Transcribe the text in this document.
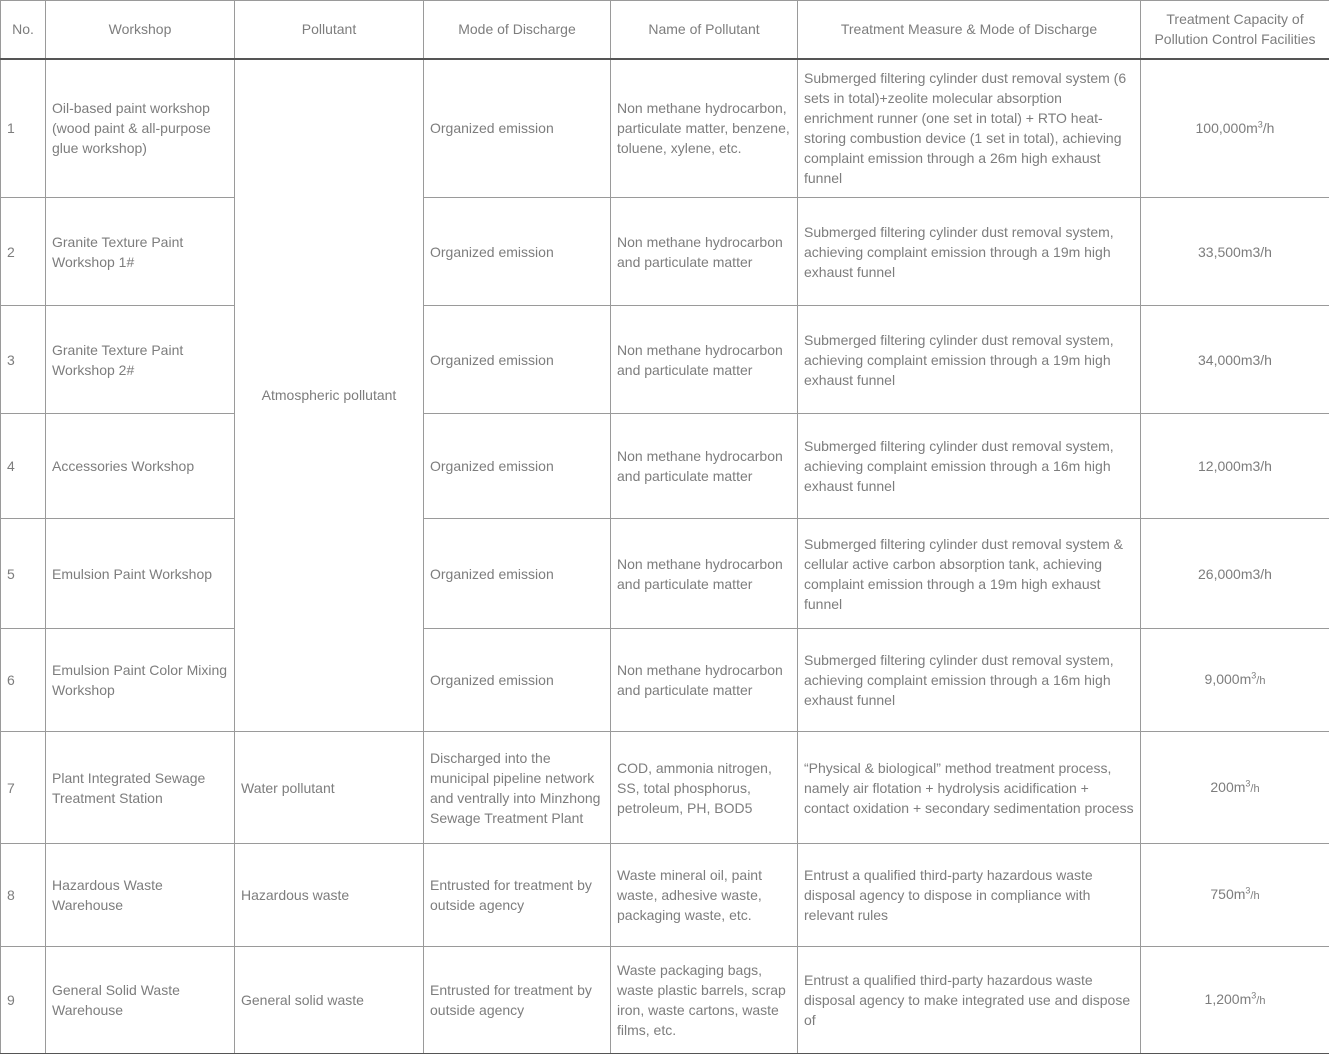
No.	Workshop	Pollutant	Mode of Discharge	Name of Pollutant	Treatment Measure & Mode of Discharge	Treatment Capacity of Pollution Control Facilities
1	Oil-based paint workshop (wood paint & all-purpose glue workshop)	Atmospheric pollutant	Organized emission	Non methane hydrocarbon, particulate matter, benzene, toluene, xylene, etc.	Submerged filtering cylinder dust removal system (6 sets in total)+zeolite molecular absorption enrichment runner (one set in total) + RTO heat-storing combustion device (1 set in total), achieving complaint emission through a 26m high exhaust funnel	$100,000m^3/h$
2	Granite Texture Paint Workshop 1#		Organized emission	Non methane hydrocarbon and particulate matter	Submerged filtering cylinder dust removal system, achieving complaint emission through a 19m high exhaust funnel	33,500m3/h
3	Granite Texture Paint Workshop 2#		Organized emission	Non methane hydrocarbon and particulate matter	Submerged filtering cylinder dust removal system, achieving complaint emission through a 19m high exhaust funnel	34,000m3/h
4	Accessories Workshop		Organized emission	Non methane hydrocarbon and particulate matter	Submerged filtering cylinder dust removal system, achieving complaint emission through a 16m high exhaust funnel	12,000m3/h
5	Emulsion Paint Workshop		Organized emission	Non methane hydrocarbon and particulate matter	Submerged filtering cylinder dust removal system & cellular active carbon absorption tank, achieving complaint emission through a 19m high exhaust funnel	26,000m3/h
6	Emulsion Paint Color Mixing Workshop		Organized emission	Non methane hydrocarbon and particulate matter	Submerged filtering cylinder dust removal system, achieving complaint emission through a 16m high exhaust funnel	$9,000m^3/h$
7	Plant Integrated Sewage Treatment Station	Water pollutant	Discharged into the municipal pipeline network and ventrally into Minzhong Sewage Treatment Plant	COD, ammonia nitrogen, SS, total phosphorus, petroleum, PH, BOD5	“Physical & biological” method treatment process, namely air flotation + hydrolysis acidification + contact oxidation + secondary sedimentation process	$200m^3/h$
8	Hazardous Waste Warehouse	Hazardous waste	Entrusted for treatment by outside agency	Waste mineral oil, paint waste, adhesive waste, packaging waste, etc.	Entrust a qualified third-party hazardous waste disposal agency to dispose in compliance with relevant rules	$750m^3/h$
9	General Solid Waste Warehouse	General solid waste	Entrusted for treatment by outside agency	Waste packaging bags, waste plastic barrels, scrap iron, waste cartons, waste films, etc.	Entrust a qualified third-party hazardous waste disposal agency to make integrated use and dispose of	$1,200m^3/h$
